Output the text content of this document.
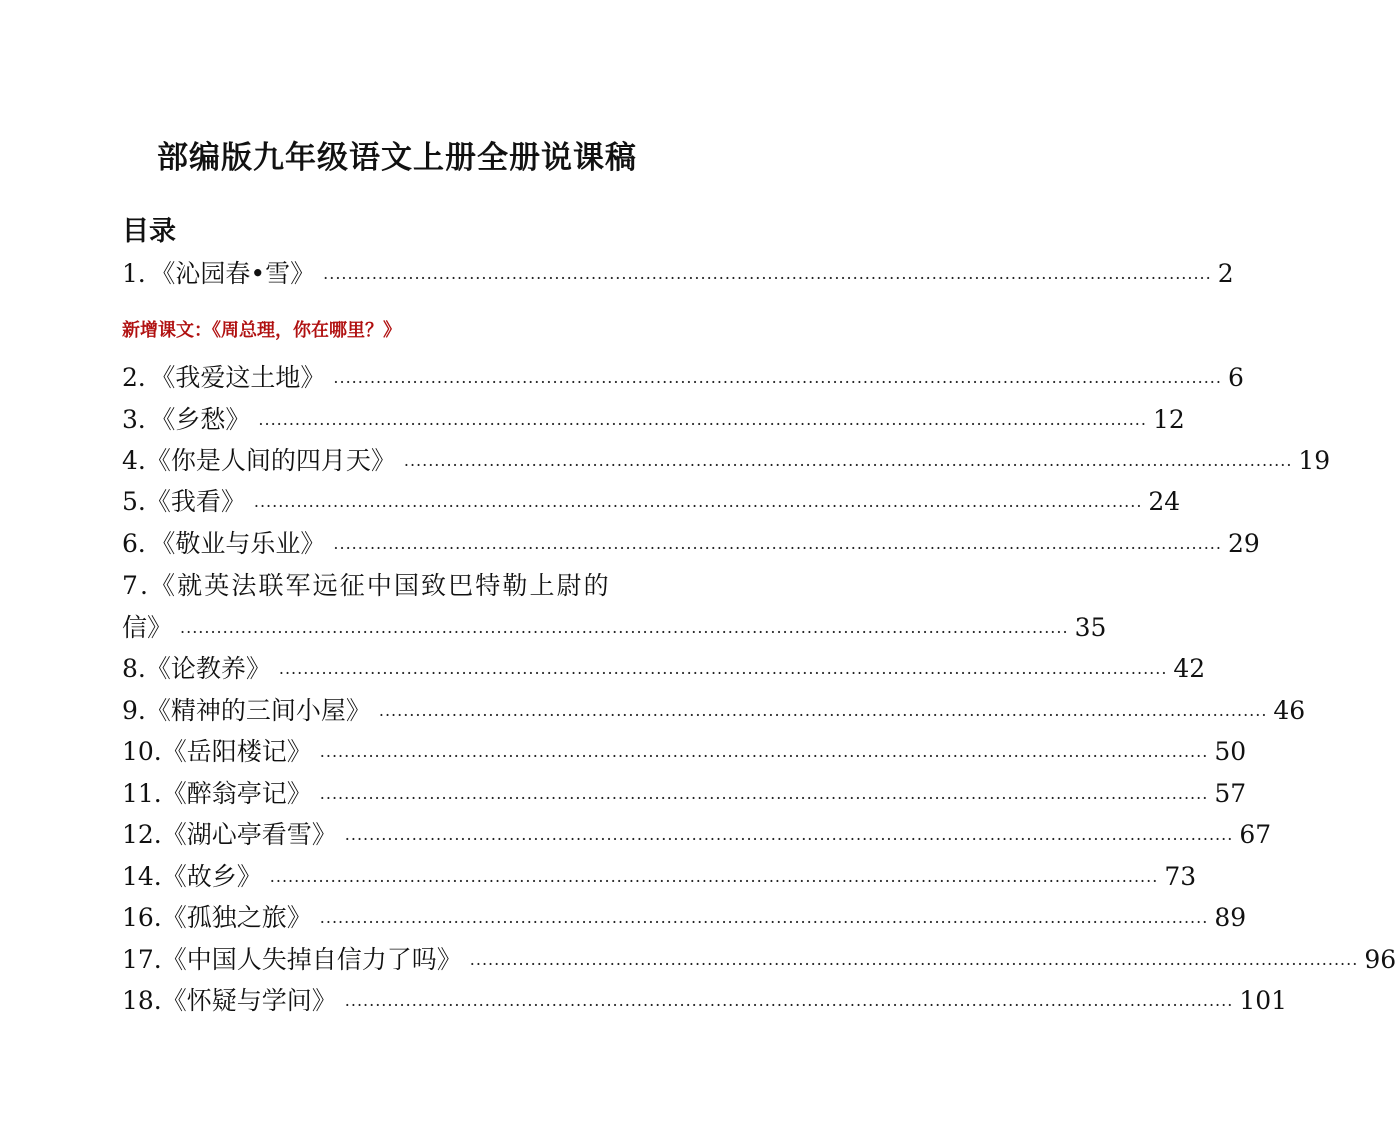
部编版九年级语文上册全册说课稿
目录
1．《沁园春•雪》 .................................................................................................................................................. 2
2．《我爱这土地》 .................................................................................................................................................. 6
3．《乡愁》 .................................................................................................................................................. 12
4.《你是人间的四月天》 .................................................................................................................................................. 19
5.《我看》 .................................................................................................................................................. 24
6．《敬业与乐业》 .................................................................................................................................................. 29
7.《就英法联军远征中国致巴特勒上尉的
信》 .................................................................................................................................................. 35
8.《论教养》 .................................................................................................................................................. 42
9.《精神的三间小屋》 .................................................................................................................................................. 46
10.《岳阳楼记》 .................................................................................................................................................. 50
11.《醉翁亭记》 .................................................................................................................................................. 57
12.《湖心亭看雪》 .................................................................................................................................................. 67
14.《故乡》 .................................................................................................................................................. 73
16.《孤独之旅》 .................................................................................................................................................. 89
17.《中国人失掉自信力了吗》 .................................................................................................................................................. 96
18.《怀疑与学问》 .................................................................................................................................................. 101
新增课文：《周总理，你在哪里？》
